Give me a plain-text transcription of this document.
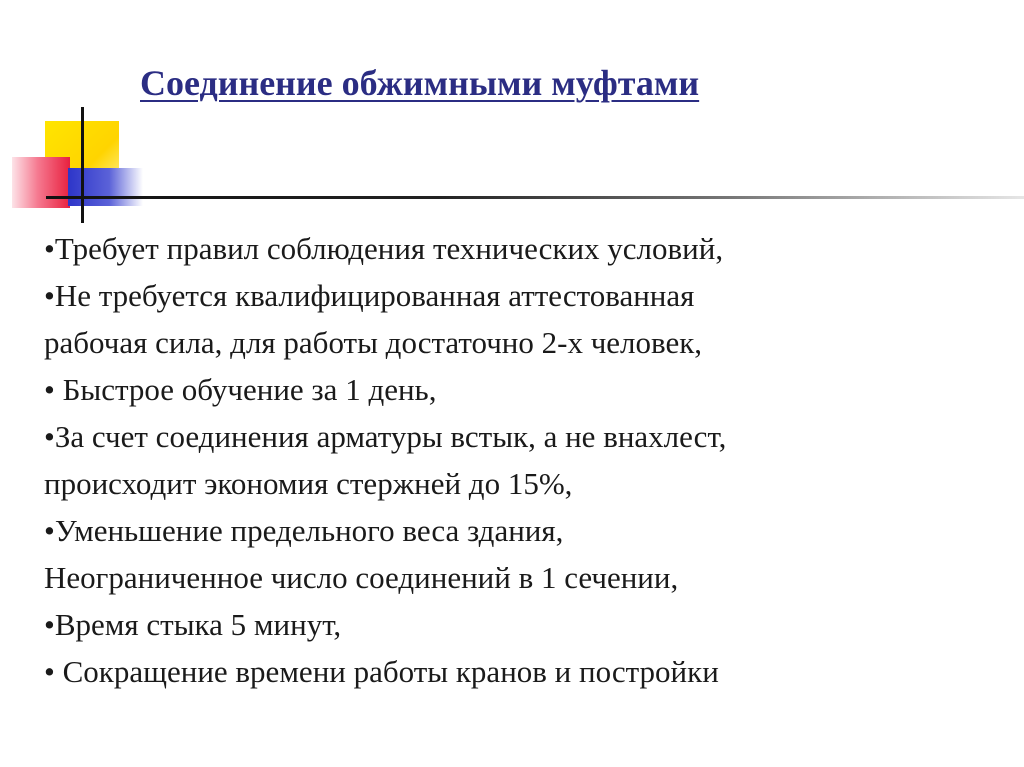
Соединение обжимными муфтами
•Требует правил соблюдения технических условий,
•Не требуется квалифицированная аттестованная
рабочая сила, для работы достаточно 2-х человек,
• Быстрое обучение за 1 день,
•За счет соединения арматуры встык, а не внахлест,
происходит экономия стержней до 15%,
•Уменьшение предельного веса здания,
Неограниченное число соединений в 1 сечении,
•Время стыка 5 минут,
• Сокращение времени работы кранов и постройки
